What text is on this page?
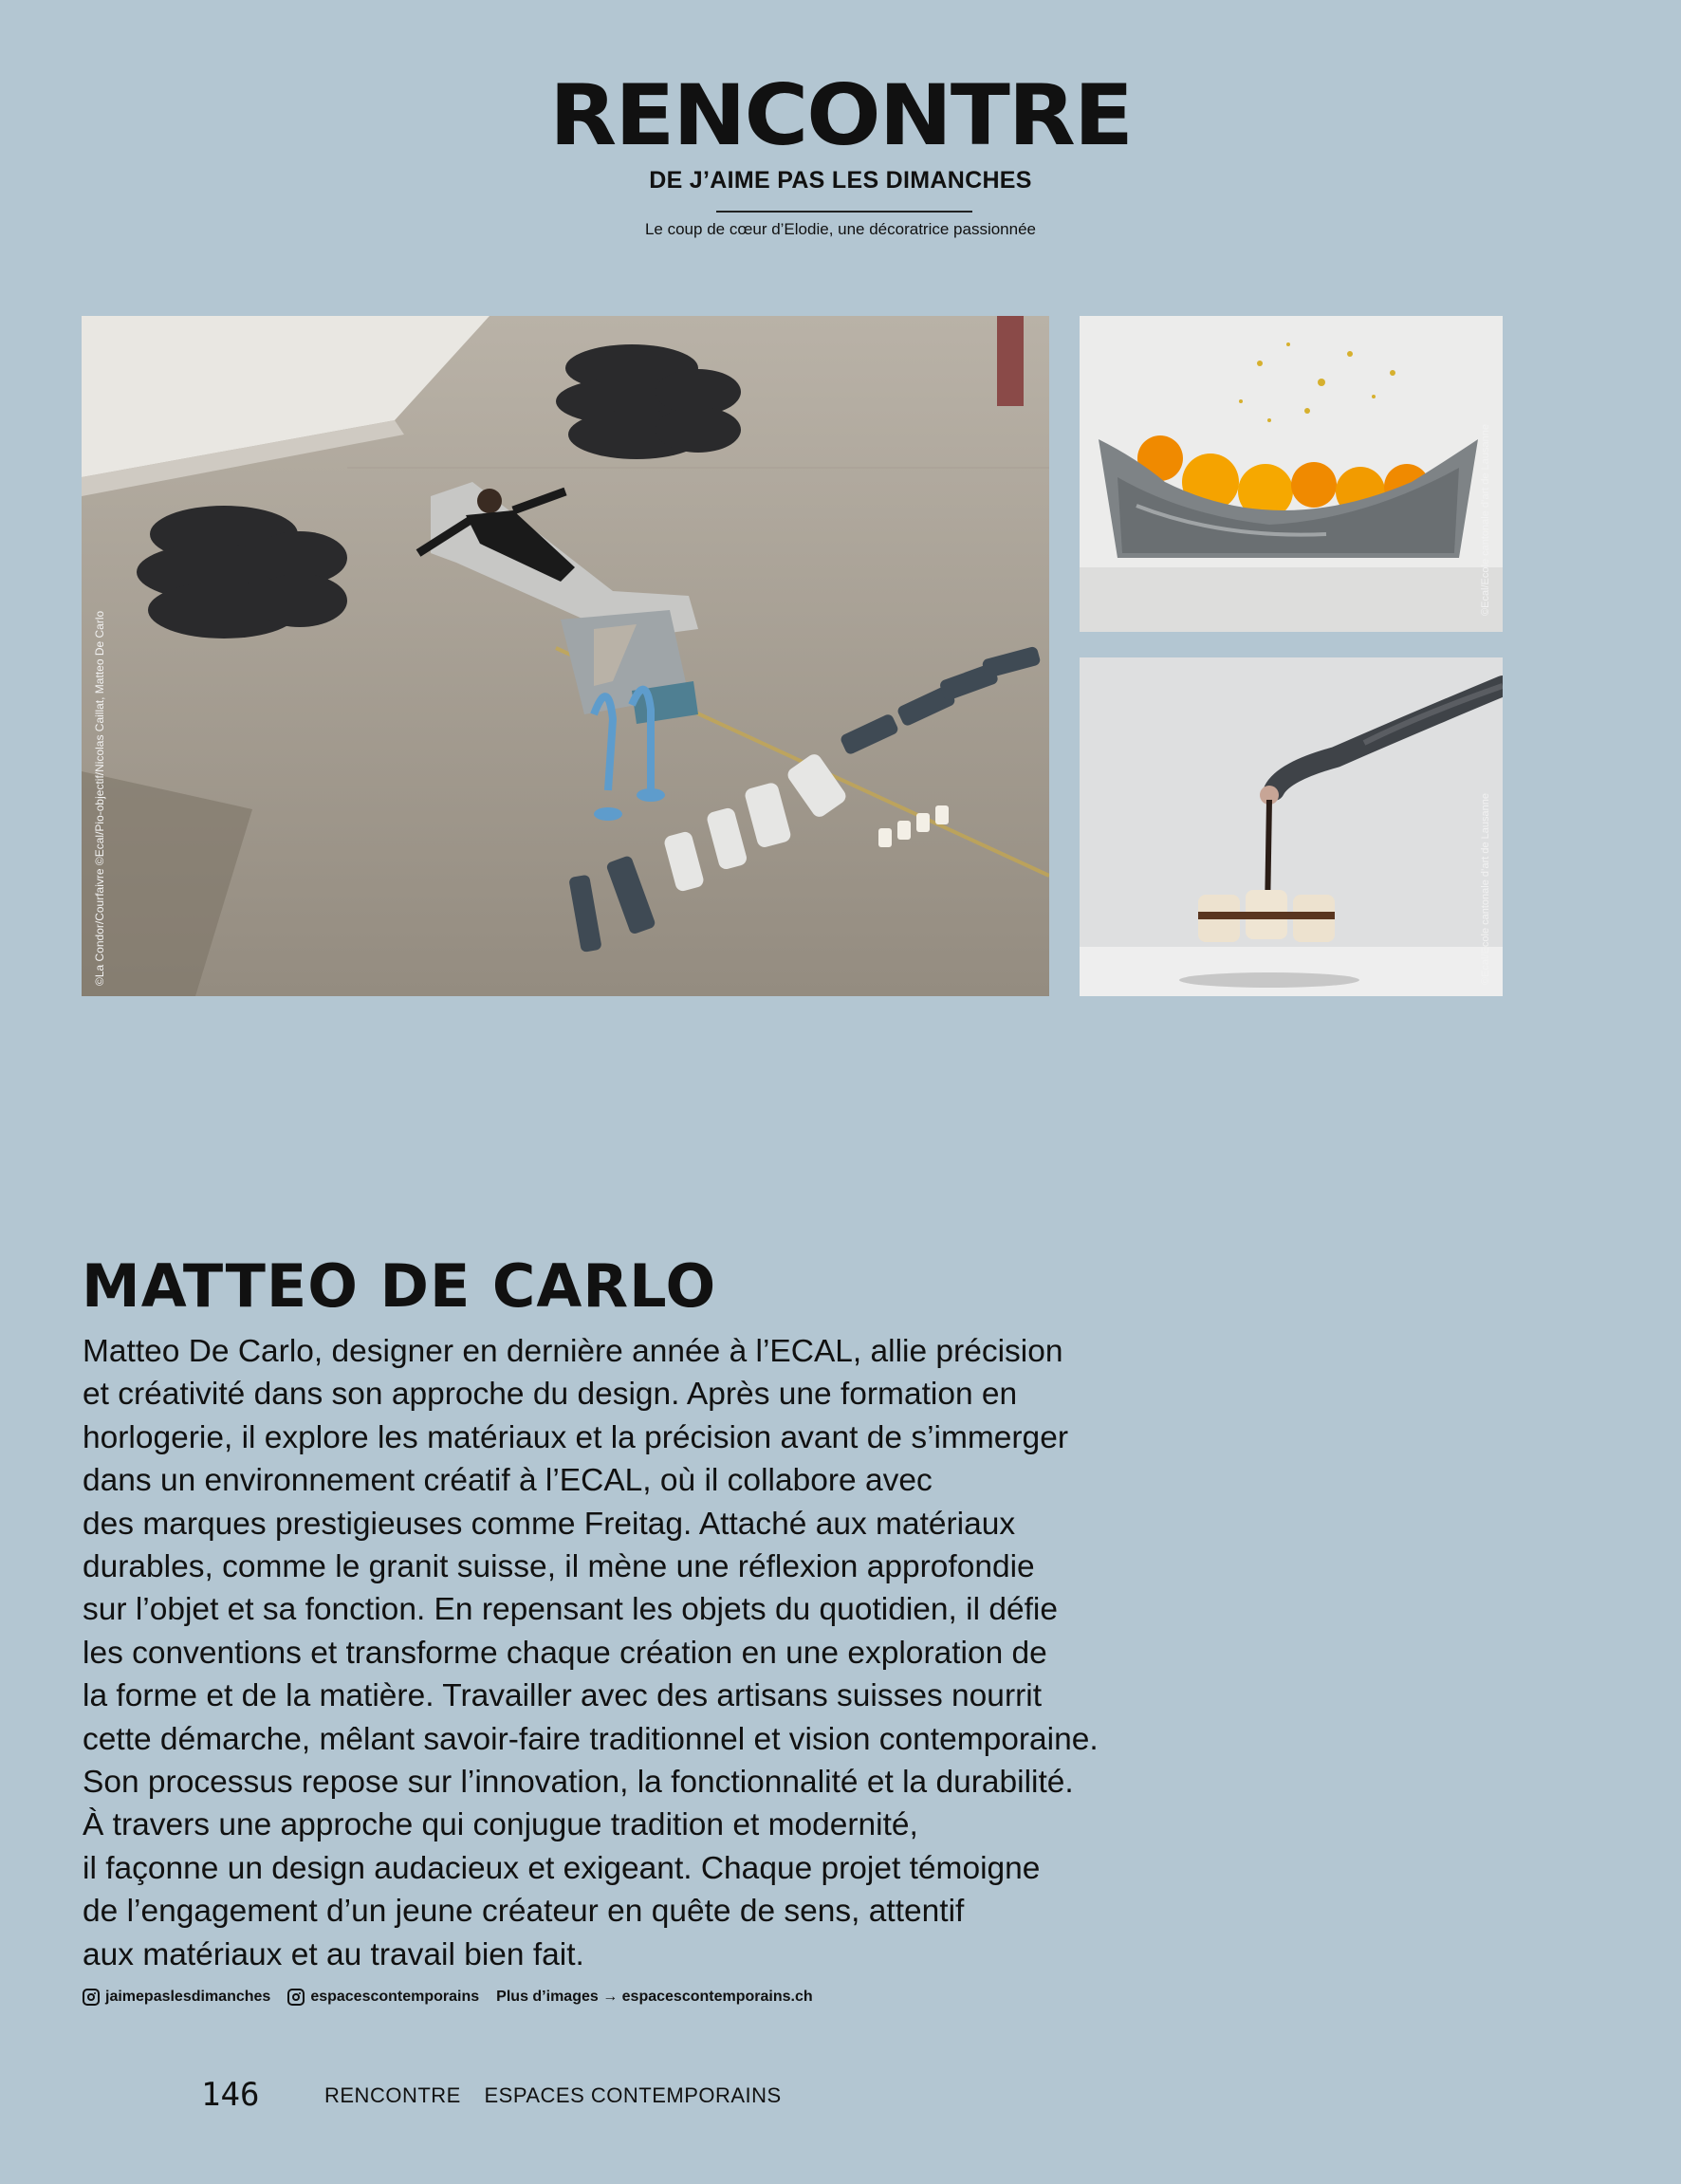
RENCONTRE
DE J’AIME PAS LES DIMANCHES
Le coup de cœur d’Elodie, une décoratrice passionnée
©La Condor/Courfaivre ©Ecal/Pio-objectif/Nicolas Caillat, Matteo De Carlo
©Ecal/Ecole cantonale d’art de Lausanne
©Ecal/Ecole cantonale d’art de Lausanne
MATTEO DE CARLO

Matteo De Carlo, designer en dernière année à l’ECAL, allie précision

et créativité dans son approche du design. Après une formation en

horlogerie, il explore les matériaux et la précision avant de s’immerger

dans un environnement créatif à l’ECAL, où il collabore avec

des marques prestigieuses comme Freitag. Attaché aux matériaux

durables, comme le granit suisse, il mène une réflexion approfondie

sur l’objet et sa fonction. En repensant les objets du quotidien, il défie

les conventions et transforme chaque création en une exploration de

la forme et de la matière. Travailler avec des artisans suisses nourrit

cette démarche, mêlant savoir-faire traditionnel et vision contemporaine.

Son processus repose sur l’innovation, la fonctionnalité et la durabilité.

À travers une approche qui conjugue tradition et modernité,

il façonne un design audacieux et exigeant. Chaque projet témoigne

de l’engagement d’un jeune créateur en quête de sens, attentif

aux matériaux et au travail bien fait.

jaimepaslesdimanches	espacescontemporains Plus d’images → espacescontemporains.ch
146	RENCONTRE ESPACES CONTEMPORAINS
